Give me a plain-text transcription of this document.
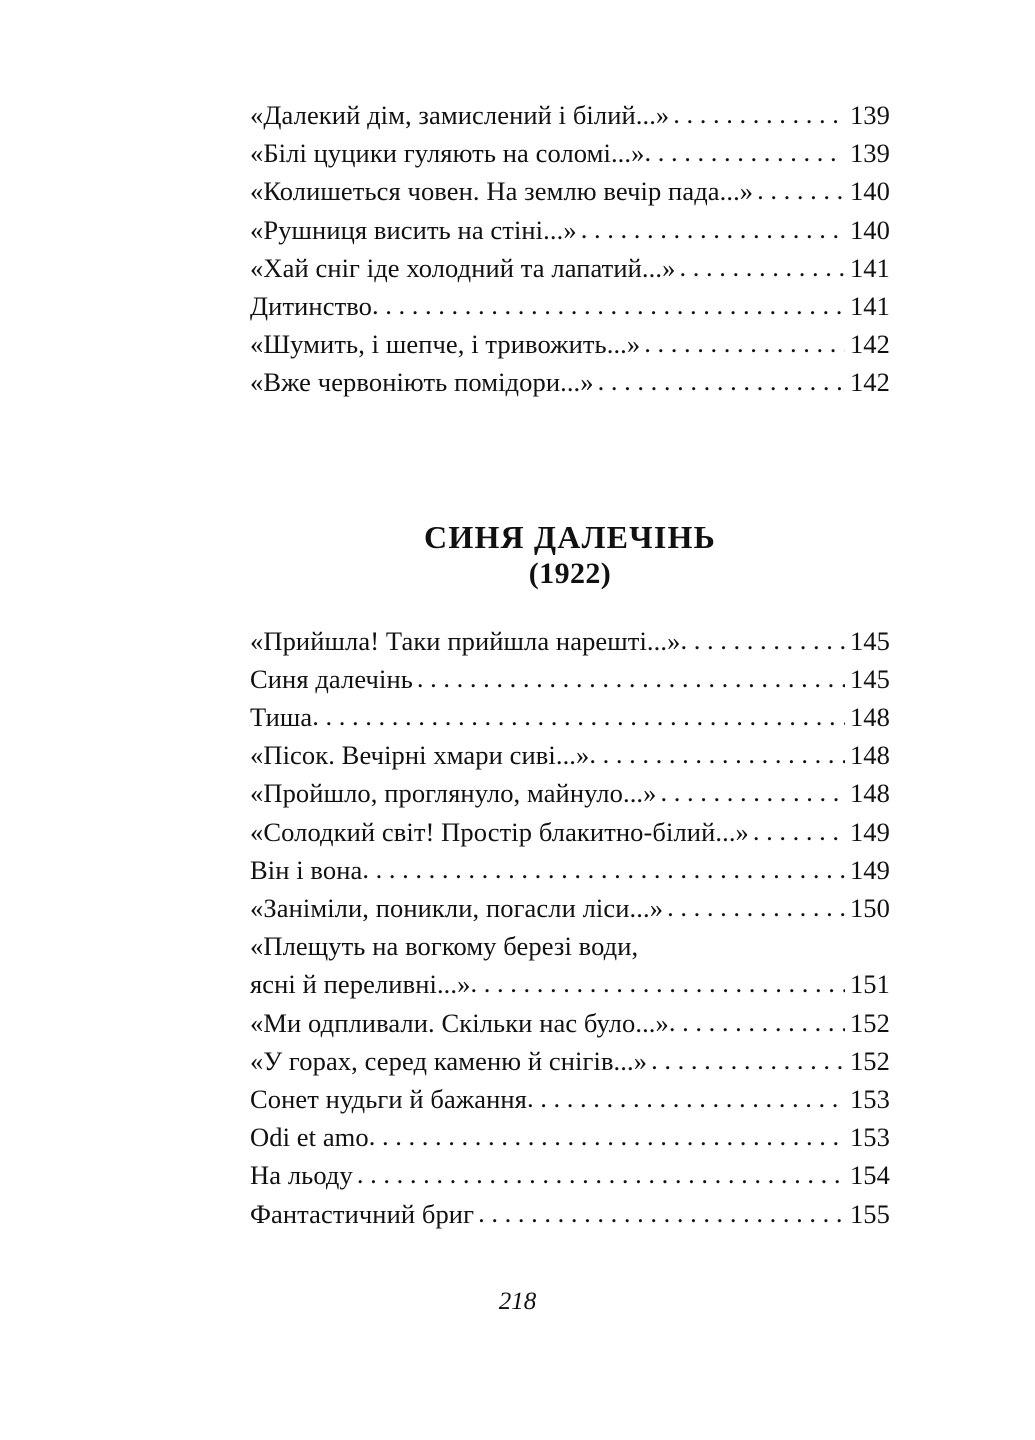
«Далекий дім, замислений і білий...» . . .	139
«Білі цуцики гуляють на соломі...» . . .	139
«Колишеться човен. На землю вечір пада...» . . .	140
«Рушниця висить на стіні...» . . .	140
«Хай сніг іде холодний та лапатий...» . . .	141
Дитинство . . .	141
«Шумить, і шепче, і тривожить...» . . .	142
«Вже червоніють помідори...» . . .	142
СИНЯ ДАЛЕЧІНЬ
(1922)
«Прийшла! Таки прийшла нарешті...» . . .	145
Синя далечінь . . .	145
Тиша . . .	148
«Пісок. Вечірні хмари сиві...» . . .	148
«Пройшло, проглянуло, майнуло...» . . .	148
«Солодкий світ! Простір блакитно-білий...» . . .	149
Він і вона . . .	149
«Заніміли, поникли, погасли ліси...» . . .	150
«Плещуть на вогкому березі води,
ясні й переливні...» . . .	151
«Ми одпливали. Скільки нас було...» . . .	152
«У горах, серед каменю й снігів...» . . .	152
Сонет нудьги й бажання . . .	153
Odi et amo . . .	153
На льоду . . .	154
Фантастичний бриг . . .	155
218
